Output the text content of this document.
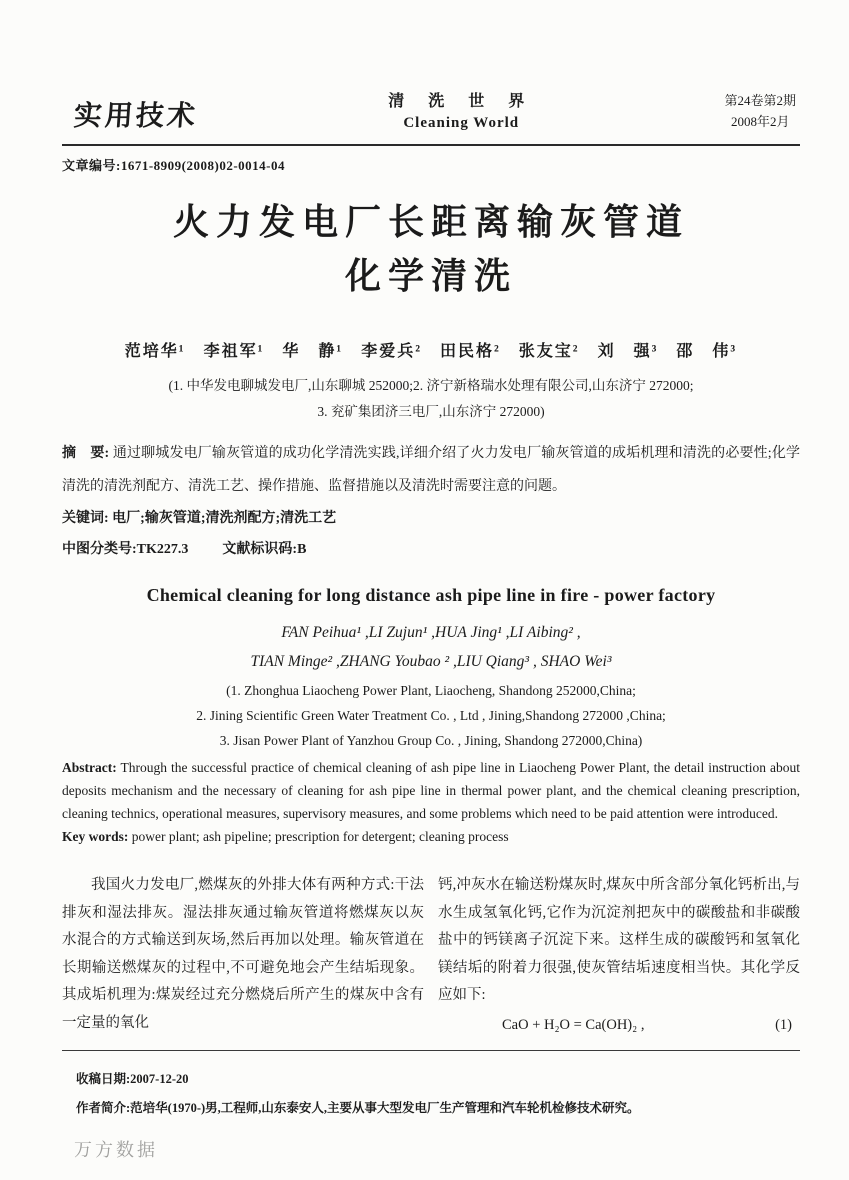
实用技术	清 洗 世 界
Cleaning World
第24卷第2期
2008年2月
文章编号:1671-8909(2008)02-0014-04
火力发电厂长距离输灰管道
化学清洗
范培华¹　李祖军¹　华　静¹　李爱兵²　田民格²　张友宝²　刘　强³　邵　伟³
(1. 中华发电聊城发电厂,山东聊城 252000;2. 济宁新格瑞水处理有限公司,山东济宁 272000;
3. 兖矿集团济三电厂,山东济宁 272000)

摘　要: 通过聊城发电厂输灰管道的成功化学清洗实践,详细介绍了火力发电厂输灰管道的成垢机理和清洗的必要性;化学清洗的清洗剂配方、清洗工艺、操作措施、监督措施以及清洗时需要注意的问题。

关键词: 电厂;输灰管道;清洗剂配方;清洗工艺

中图分类号:TK227.3 文献标识码:B

Chemical cleaning for long distance ash pipe line in fire - power factory
FAN Peihua¹ ,LI Zujun¹ ,HUA Jing¹ ,LI Aibing² ,
TIAN Minge² ,ZHANG Youbao ² ,LIU Qiang³ , SHAO Wei³
(1. Zhonghua Liaocheng Power Plant, Liaocheng, Shandong 252000,China;
2. Jining Scientific Green Water Treatment Co. , Ltd , Jining,Shandong 272000 ,China;
3. Jisan Power Plant of Yanzhou Group Co. , Jining, Shandong 272000,China)

Abstract: Through the successful practice of chemical cleaning of ash pipe line in Liaocheng Power Plant, the detail instruction about deposits mechanism and the necessary of cleaning for ash pipe line in thermal power plant, and the chemical cleaning prescription, cleaning technics, operational measures, supervisory measures, and some problems which need to be paid attention were introduced.

Key words: power plant; ash pipeline; prescription for detergent; cleaning process

我国火力发电厂,燃煤灰的外排大体有两种方式:干法排灰和湿法排灰。湿法排灰通过输灰管道将燃煤灰以灰水混合的方式输送到灰场,然后再加以处理。输灰管道在长期输送燃煤灰的过程中,不可避免地会产生结垢现象。其成垢机理为:煤炭经过充分燃烧后所产生的煤灰中含有一定量的氧化

钙,冲灰水在输送粉煤灰时,煤灰中所含部分氧化钙析出,与水生成氢氧化钙,它作为沉淀剂把灰中的碳酸盐和非碳酸盐中的钙镁离子沉淀下来。这样生成的碳酸钙和氢氧化镁结垢的附着力很强,使灰管结垢速度相当快。其化学反应如下:

CaO + H₂O = Ca(OH)₂ ,	(1)
收稿日期:2007-12-20
作者简介:范培华(1970-)男,工程师,山东泰安人,主要从事大型发电厂生产管理和汽车轮机检修技术研究。
万方数据
